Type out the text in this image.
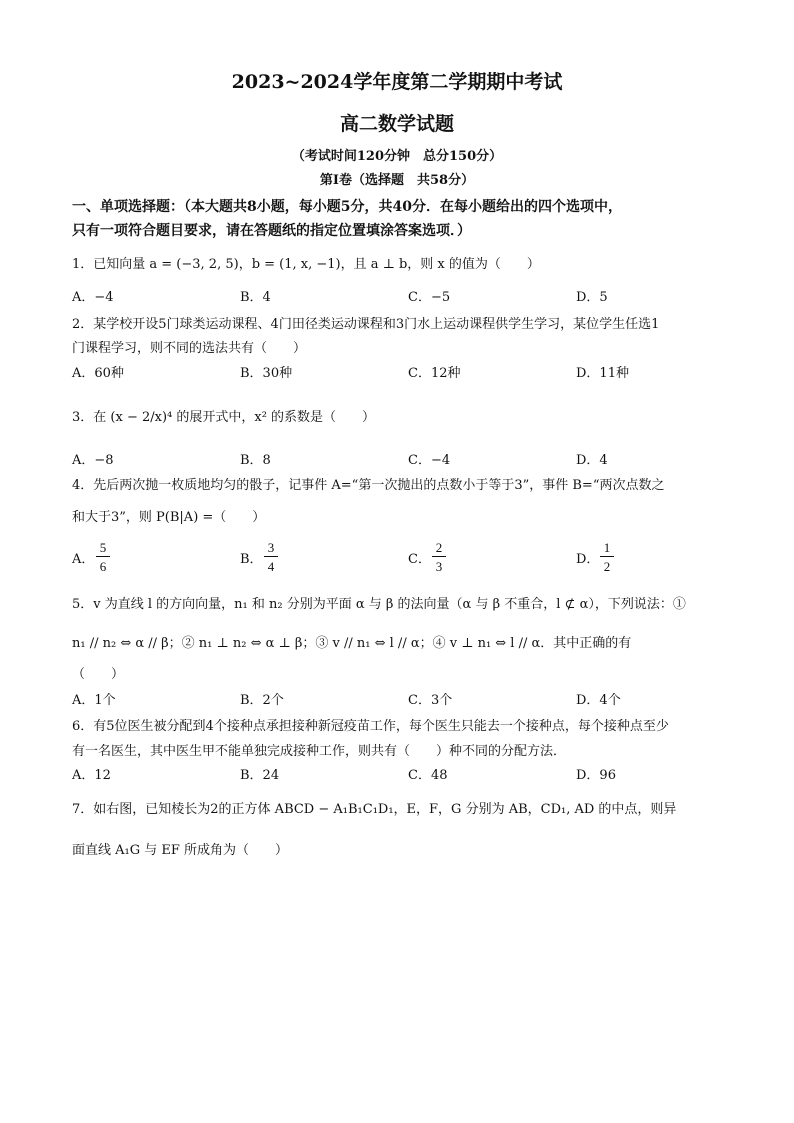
2023~2024学年度第二学期期中考试
高二数学试题
（考试时间120分钟　总分150分）
第Ⅰ卷（选择题　共58分）
一、单项选择题：（本大题共8小题，每小题5分，共40分．在每小题给出的四个选项中，
只有一项符合题目要求，请在答题纸的指定位置填涂答案选项．）
1．已知向量 a = (−3, 2, 5)，b = (1, x, −1)，且 a ⊥ b，则 x 的值为（　　）
A．−4	B．4	C．−5	D．5
2．某学校开设5门球类运动课程、4门田径类运动课程和3门水上运动课程供学生学习，某位学生任选1
门课程学习，则不同的选法共有（　　）
A．60种	B．30种	C．12种	D．11种
3．在 (x − 2/x)⁴ 的展开式中，x² 的系数是（　　）
A．−8	B．8	C．−4	D．4
4．先后两次抛一枚质地均匀的骰子，记事件 A=“第一次抛出的点数小于等于3”，事件 B=“两次点数之
和大于3”，则 P(B|A) =（　　）
A．
5
6	B．
3
4	C．
2
3	D．
1
2
5．v 为直线 l 的方向向量，n₁ 和 n₂ 分别为平面 α 与 β 的法向量（α 与 β 不重合，l ⊄ α），下列说法：①
n₁ // n₂ ⇔ α // β；② n₁ ⊥ n₂ ⇔ α ⊥ β；③ v // n₁ ⇔ l // α；④ v ⊥ n₁ ⇔ l // α．其中正确的有
（　　）
A．1个	B．2个	C．3个	D．4个
6．有5位医生被分配到4个接种点承担接种新冠疫苗工作，每个医生只能去一个接种点，每个接种点至少
有一名医生，其中医生甲不能单独完成接种工作，则共有（　　）种不同的分配方法．
A．12	B．24	C．48	D．96
7．如右图，已知棱长为2的正方体 ABCD − A₁B₁C₁D₁，E，F，G 分别为 AB，CD₁, AD 的中点，则异
面直线 A₁G 与 EF 所成角为（　　）
